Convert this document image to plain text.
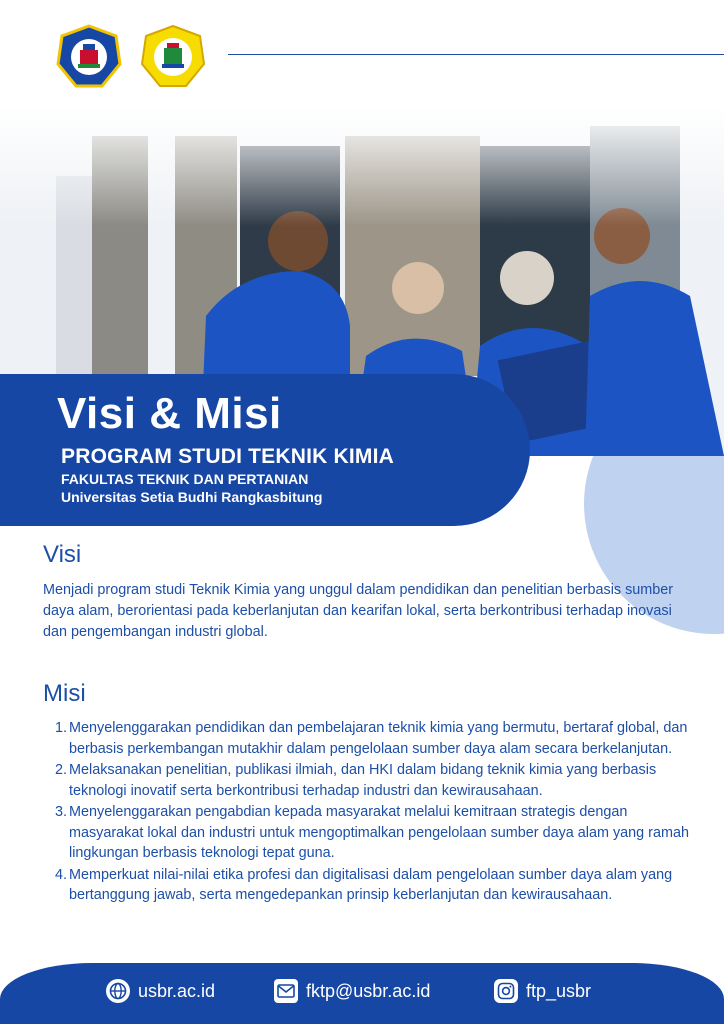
Visi & Misi
PROGRAM STUDI TEKNIK KIMIA
FAKULTAS TEKNIK DAN PERTANIAN
Universitas Setia Budhi Rangkasbitung
Visi

Menjadi program studi Teknik Kimia yang unggul dalam pendidikan dan penelitian berbasis sumber daya alam, berorientasi pada keberlanjutan dan kearifan lokal, serta berkontribusi terhadap inovasi dan pengembangan industri global.

Misi
1. Menyelenggarakan pendidikan dan pembelajaran teknik kimia yang bermutu, bertaraf global, dan berbasis perkembangan mutakhir dalam pengelolaan sumber daya alam secara berkelanjutan.
2. Melaksanakan penelitian, publikasi ilmiah, dan HKI dalam bidang teknik kimia yang berbasis teknologi inovatif serta berkontribusi terhadap industri dan kewirausahaan.
3. Menyelenggarakan pengabdian kepada masyarakat melalui kemitraan strategis dengan masyarakat lokal dan industri untuk mengoptimalkan pengelolaan sumber daya alam yang ramah lingkungan berbasis teknologi tepat guna.
4. Memperkuat nilai-nilai etika profesi dan digitalisasi dalam pengelolaan sumber daya alam yang bertanggung jawab, serta mengedepankan prinsip keberlanjutan dan kewirausahaan.
usbr.ac.id	fktp@usbr.ac.id	ftp_usbr
